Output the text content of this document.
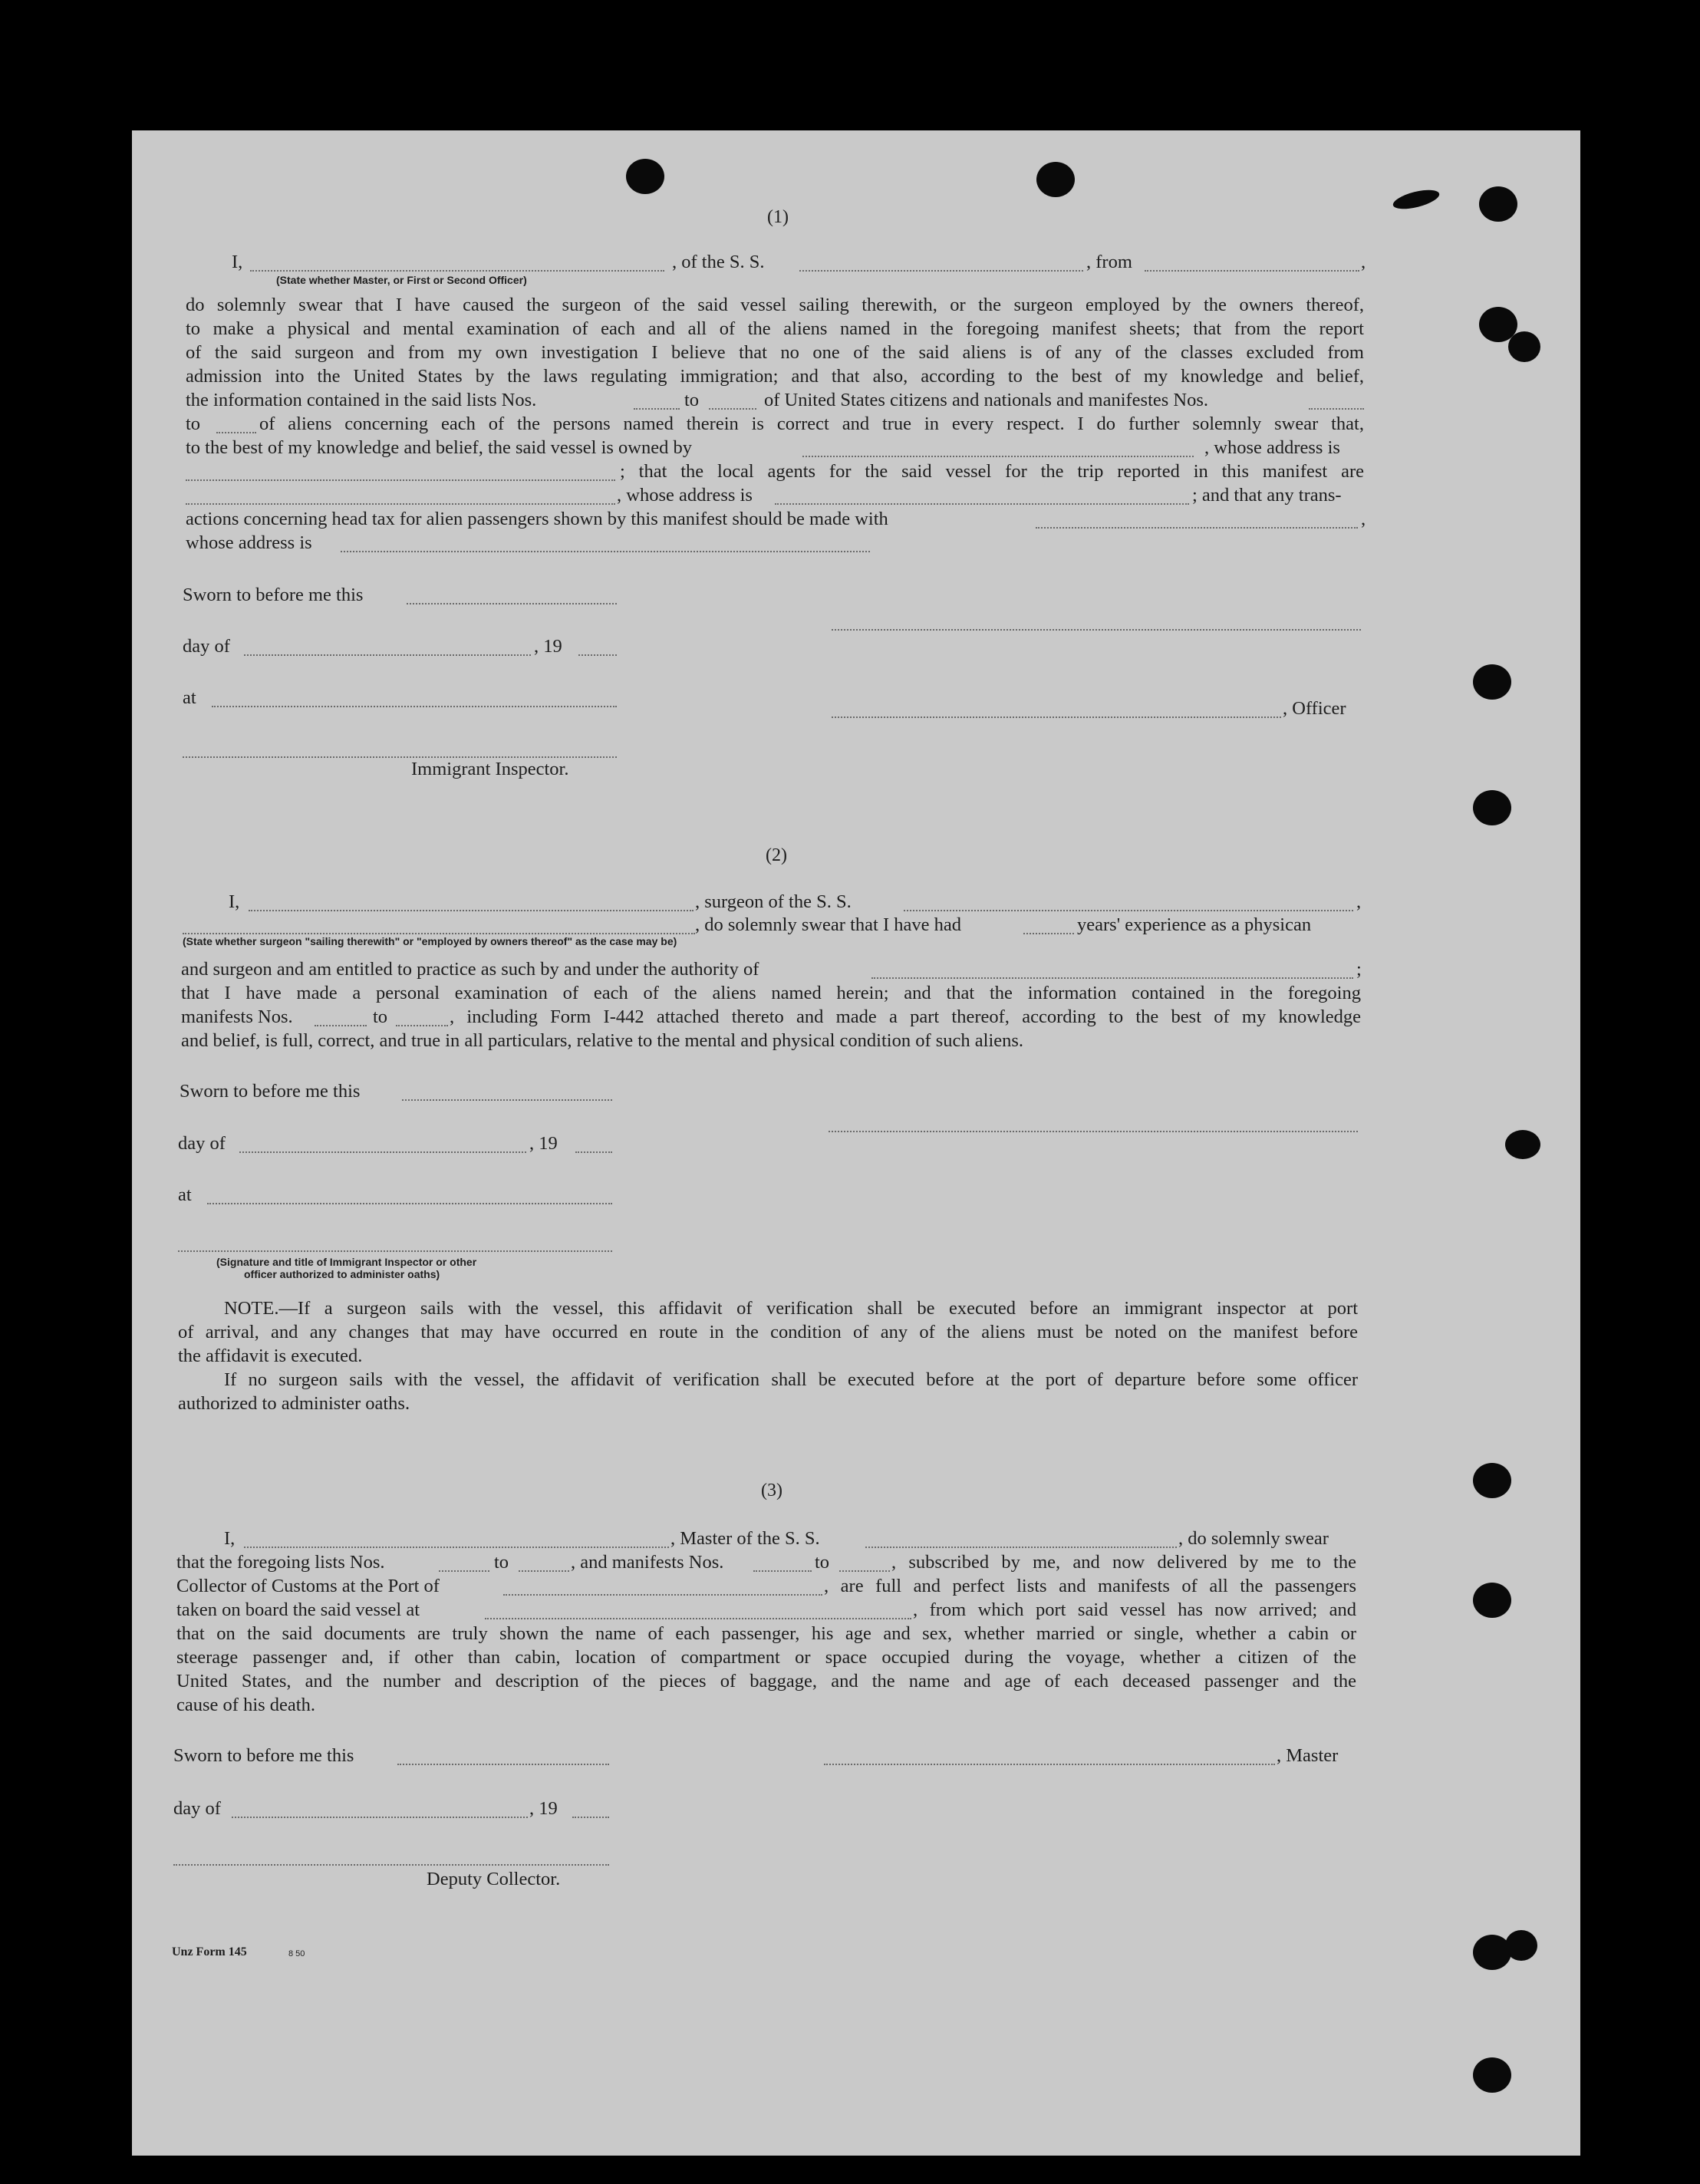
(1)
I,
(State whether Master, or First or Second Officer)
, of the S. S.	, from	,
do solemnly swear that I have caused the surgeon of the said vessel sailing therewith, or the surgeon employed by the owners thereof,
to make a physical and mental examination of each and all of the aliens named in the foregoing manifest sheets; that from the report
of the said surgeon and from my own investigation I believe that no one of the said aliens is of any of the classes excluded from
admission into the United States by the laws regulating immigration; and that also, according to the best of my knowledge and belief,
the information contained in the said lists Nos.	to	of United States citizens and nationals and manifestes Nos.
to	of aliens concerning each of the persons named therein is correct and true in every respect. I do further solemnly swear that,
to the best of my knowledge and belief, the said vessel is owned by	, whose address is
; that the local agents for the said vessel for the trip reported in this manifest are
, whose address is	; and that any trans-
actions concerning head tax for alien passengers shown by this manifest should be made with	,
whose address is
Sworn to before me this
day of	, 19
at
, Officer
Immigrant Inspector.
(2)
I,	, surgeon of the S. S.	,
(State whether surgeon "sailing therewith" or "employed by owners thereof" as the case may be)
, do solemnly swear that I have had	years' experience as a physican
and surgeon and am entitled to practice as such by and under the authority of	;
that I have made a personal examination of each of the aliens named herein; and that the information contained in the foregoing
manifests Nos.	to	, including Form I-442 attached thereto and made a part thereof, according to the best of my knowledge
and belief, is full, correct, and true in all particulars, relative to the mental and physical condition of such aliens.
Sworn to before me this
day of	, 19
at
(Signature and title of Immigrant Inspector or other
officer authorized to administer oaths)
NOTE.—If a surgeon sails with the vessel, this affidavit of verification shall be executed before an immigrant inspector at port
of arrival, and any changes that may have occurred en route in the condition of any of the aliens must be noted on the manifest before
the affidavit is executed.
If no surgeon sails with the vessel, the affidavit of verification shall be executed before at the port of departure before some officer
authorized to administer oaths.
(3)
I,	, Master of the S. S.	, do solemnly swear
that the foregoing lists Nos.	to	, and manifests Nos.	to	, subscribed by me, and now delivered by me to the
Collector of Customs at the Port of	, are full and perfect lists and manifests of all the passengers
taken on board the said vessel at	, from which port said vessel has now arrived; and
that on the said documents are truly shown the name of each passenger, his age and sex, whether married or single, whether a cabin or
steerage passenger and, if other than cabin, location of compartment or space occupied during the voyage, whether a citizen of the
United States, and the number and description of the pieces of baggage, and the name and age of each deceased passenger and the
cause of his death.
Sworn to before me this	, Master
day of	, 19
Deputy Collector.
Unz Form 145	8 50
